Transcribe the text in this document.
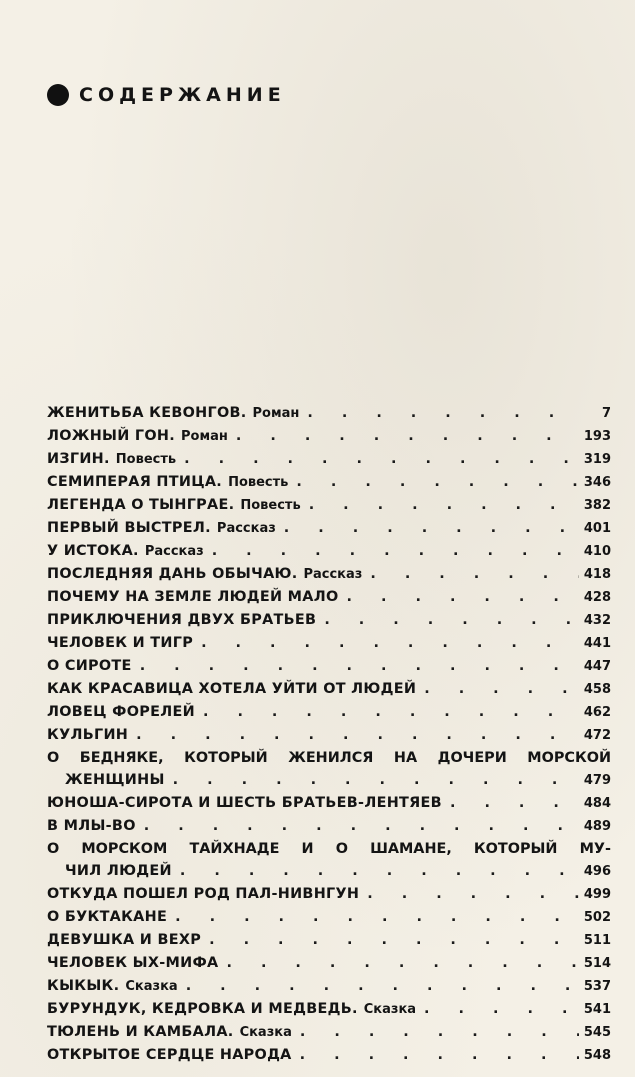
СОДЕРЖАНИЕ
ЖЕНИТЬБА КЕВОНГОВ. Роман . . .	7
ЛОЖНЫЙ ГОН. Роман . . .	193
ИЗГИН. Повесть . . .	319
СЕМИПЕРАЯ ПТИЦА. Повесть . . .	346
ЛЕГЕНДА О ТЫНГРАЕ. Повесть . . .	382
ПЕРВЫЙ ВЫСТРЕЛ. Рассказ . . .	401
У ИСТОКА. Рассказ . . .	410
ПОСЛЕДНЯЯ ДАНЬ ОБЫЧАЮ. Рассказ . . .	418
ПОЧЕМУ НА ЗЕМЛЕ ЛЮДЕЙ МАЛО . . .	428
ПРИКЛЮЧЕНИЯ ДВУХ БРАТЬЕВ . . .	432
ЧЕЛОВЕК И ТИГР . . .	441
О СИРОТЕ . . .	447
КАК КРАСАВИЦА ХОТЕЛА УЙТИ ОТ ЛЮДЕЙ . . .	458
ЛОВЕЦ ФОРЕЛЕЙ . . .	462
КУЛЬГИН . . .	472
О БЕДНЯКЕ, КОТОРЫЙ ЖЕНИЛСЯ НА ДОЧЕРИ МОРСКОЙ
ЖЕНЩИНЫ . . .	479
ЮНОША-СИРОТА И ШЕСТЬ БРАТЬЕВ-ЛЕНТЯЕВ . . .	484
В МЛЫ-ВО . . .	489
О МОРСКОМ ТАЙХНАДЕ И О ШАМАНЕ, КОТОРЫЙ МУ-
ЧИЛ ЛЮДЕЙ . . .	496
ОТКУДА ПОШЕЛ РОД ПАЛ-НИВНГУН . . .	499
О БУКТАКАНЕ . . .	502
ДЕВУШКА И ВЕХР . . .	511
ЧЕЛОВЕК ЫХ-МИФА . . .	514
КЫКЫК. Сказка . . .	537
БУРУНДУК, КЕДРОВКА И МЕДВЕДЬ. Сказка . . .	541
ТЮЛЕНЬ И КАМБАЛА. Сказка . . .	545
ОТКРЫТОЕ СЕРДЦЕ НАРОДА . . .	548
